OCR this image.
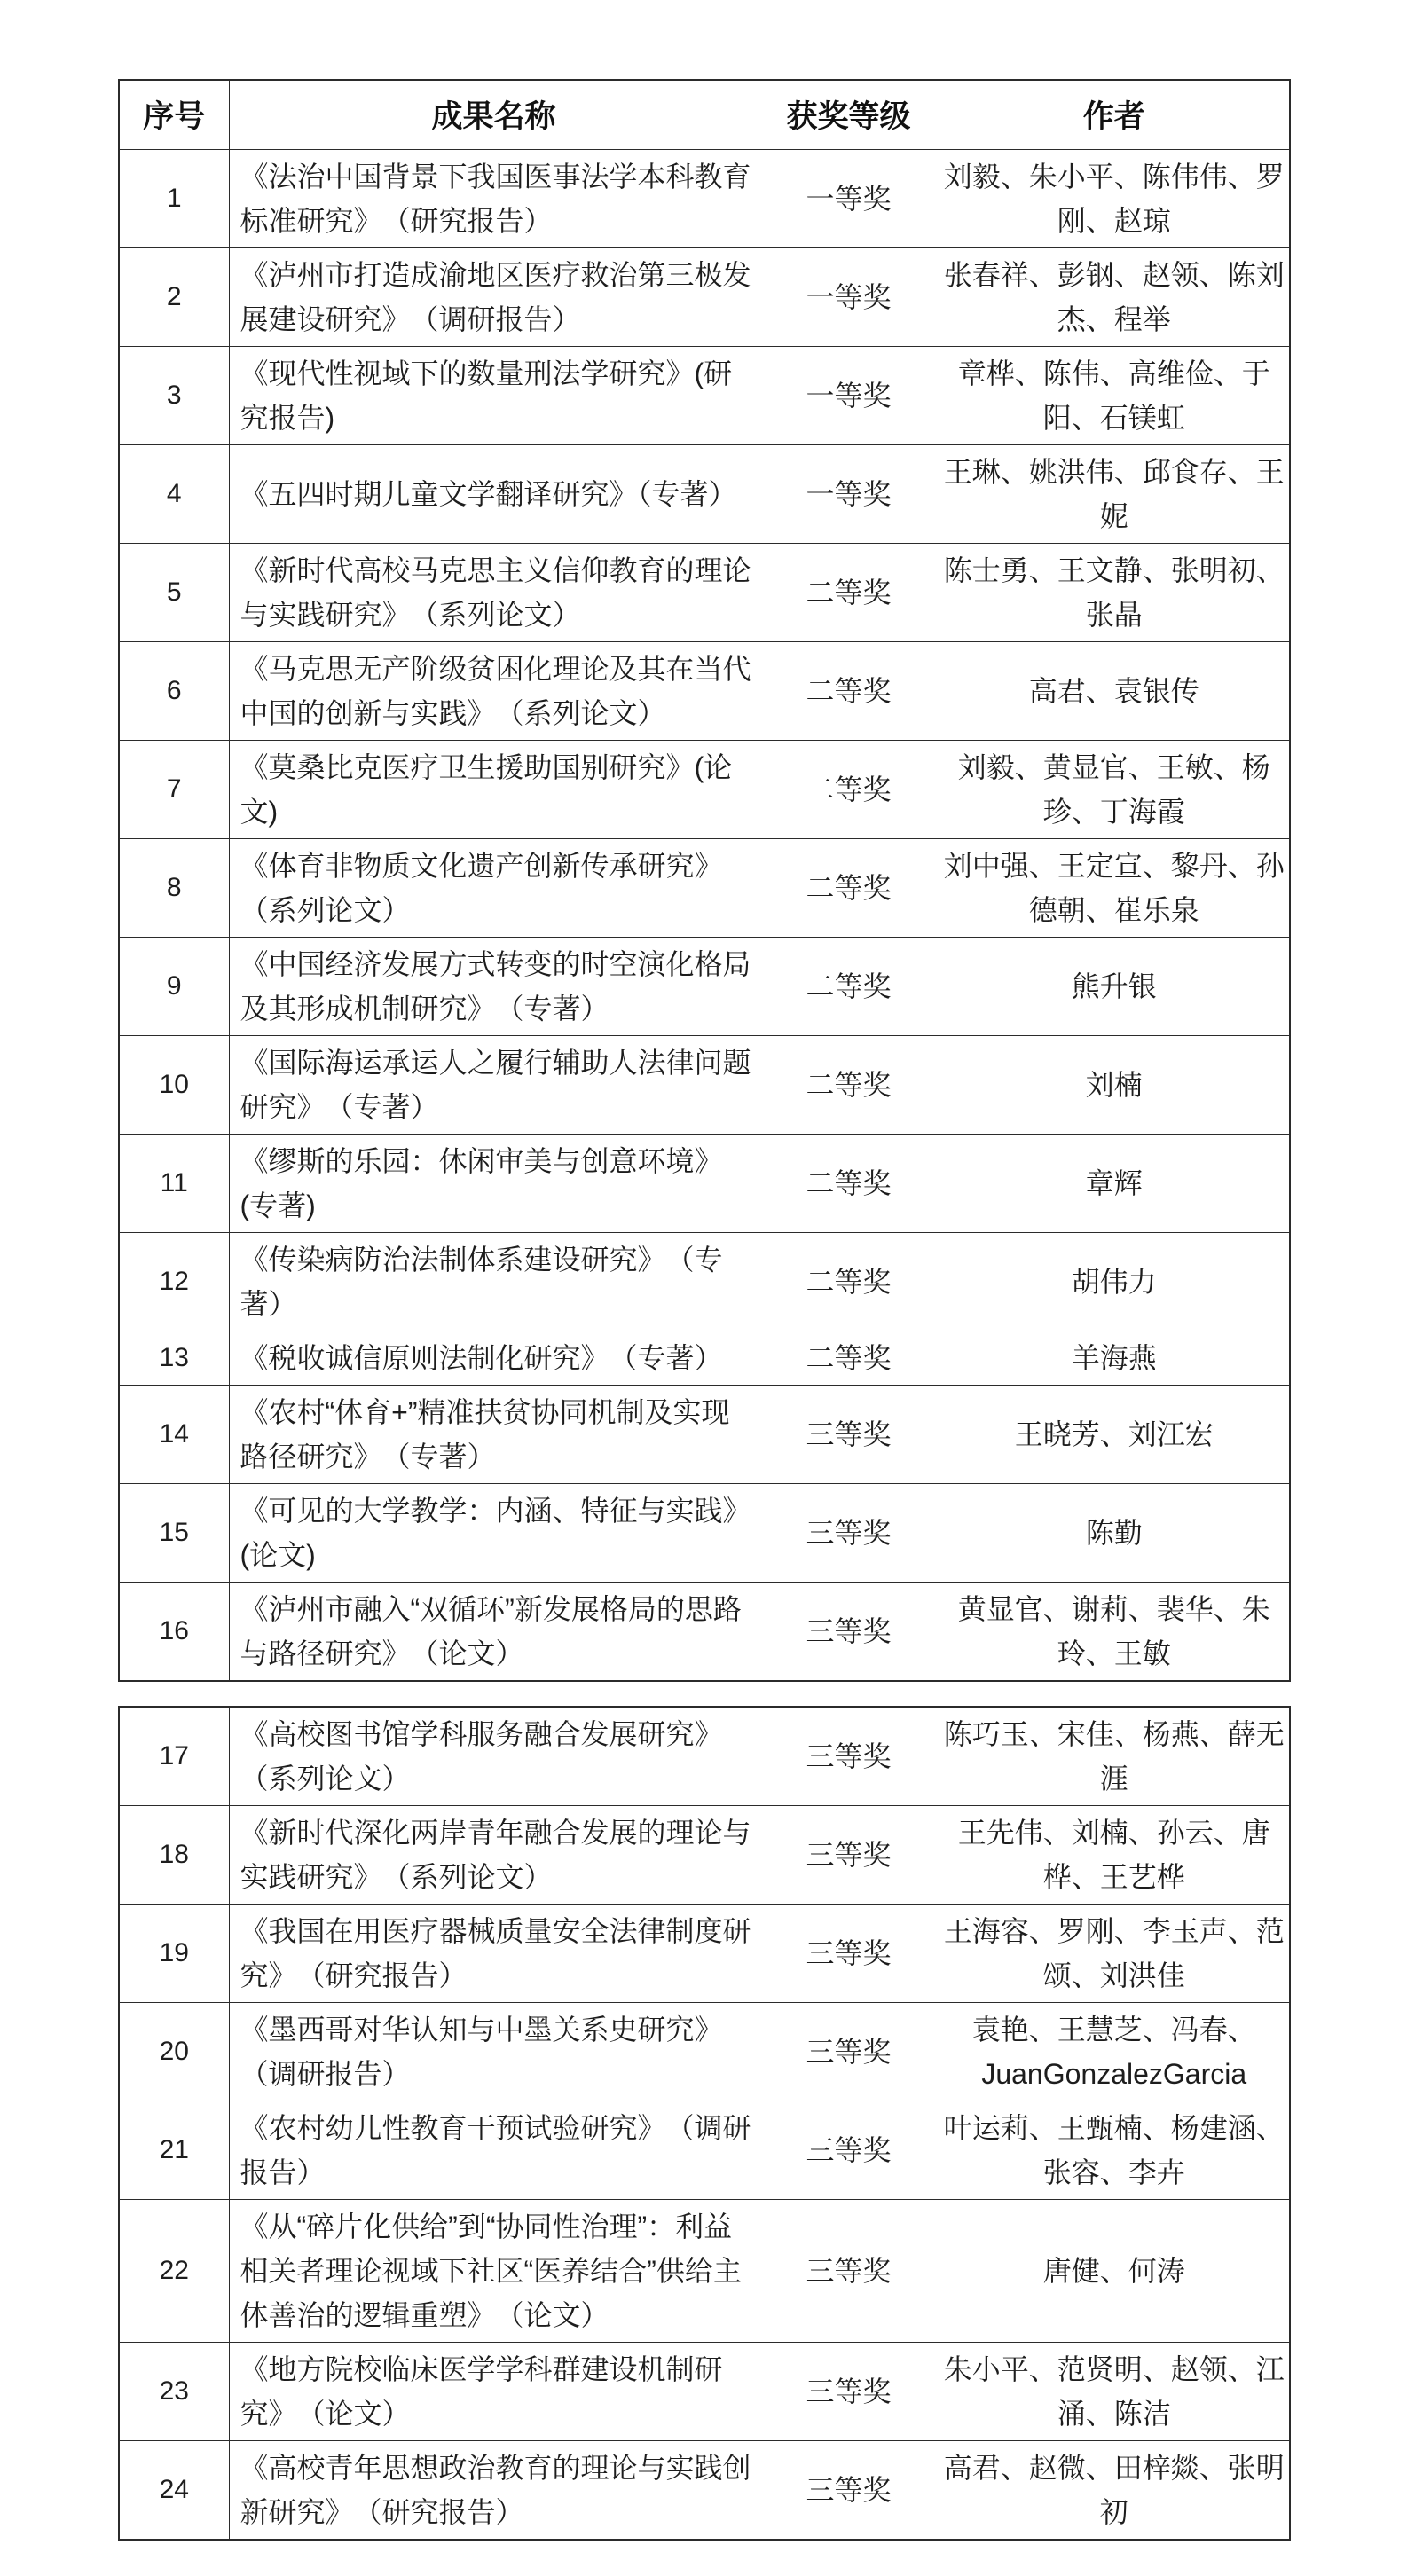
序号	成果名称	获奖等级	作者
1	《法治中国背景下我国医事法学本科教育标准研究》　（研究报告）	一等奖	刘毅、朱小平、陈伟伟、罗刚、赵琼
2	《泸州市打造成渝地区医疗救治第三极发展建设研究》　（调研报告）	一等奖	张春祥、彭钢、赵领、陈刘杰、程举
3	《现代性视域下的数量刑法学研究》(研究报告)	一等奖	章桦、陈伟、高维俭、于阳、石镁虹
4	《五四时期儿童文学翻译研究》（专著）	一等奖	王琳、姚洪伟、邱食存、王妮
5	《新时代高校马克思主义信仰教育的理论与实践研究》　（系列论文）	二等奖	陈士勇、王文静、张明初、张晶
6	《马克思无产阶级贫困化理论及其在当代中国的创新与实践》　（系列论文）	二等奖	高君、袁银传
7	《莫桑比克医疗卫生援助国别研究》(论文)	二等奖	刘毅、黄显官、王敏、杨珍、丁海霞
8	《体育非物质文化遗产创新传承研究》（系列论文）	二等奖	刘中强、王定宣、黎丹、孙德朝、崔乐泉
9	《中国经济发展方式转变的时空演化格局及其形成机制研究》　（专著）	二等奖	熊升银
10	《国际海运承运人之履行辅助人法律问题研究》　（专著）	二等奖	刘楠
11	《缪斯的乐园：休闲审美与创意环境》(专著)	二等奖	章辉
12	《传染病防治法制体系建设研究》　（专著）	二等奖	胡伟力
13	《税收诚信原则法制化研究》　（专著）	二等奖	羊海燕
14	《农村“体育+”精准扶贫协同机制及实现路径研究》　（专著）	三等奖	王晓芳、刘江宏
15	《可见的大学教学：内涵、特征与实践》(论文)	三等奖	陈勤
16	《泸州市融入“双循环”新发展格局的思路与路径研究》　（论文）	三等奖	黄显官、谢莉、裴华、朱玲、王敏
17	《高校图书馆学科服务融合发展研究》（系列论文）	三等奖	陈巧玉、宋佳、杨燕、薛无涯
18	《新时代深化两岸青年融合发展的理论与实践研究》　（系列论文）	三等奖	王先伟、刘楠、孙云、唐桦、王艺桦
19	《我国在用医疗器械质量安全法律制度研究》　（研究报告）	三等奖	王海容、罗刚、李玉声、范颂、刘洪佳
20	《墨西哥对华认知与中墨关系史研究》（调研报告）	三等奖	袁艳、王慧芝、冯春、JuanGonzalezGarcia
21	《农村幼儿性教育干预试验研究》　（调研报告）	三等奖	叶运莉、王甄楠、杨建涵、张容、李卉
22	《从“碎片化供给”到“协同性治理”：利益相关者理论视域下社区“医养结合”供给主体善治的逻辑重塑》　（论文）	三等奖	唐健、何涛
23	《地方院校临床医学学科群建设机制研究》　（论文）	三等奖	朱小平、范贤明、赵领、江涌、陈洁
24	《高校青年思想政治教育的理论与实践创新研究》　（研究报告）	三等奖	高君、赵微、田梓燚、张明初
